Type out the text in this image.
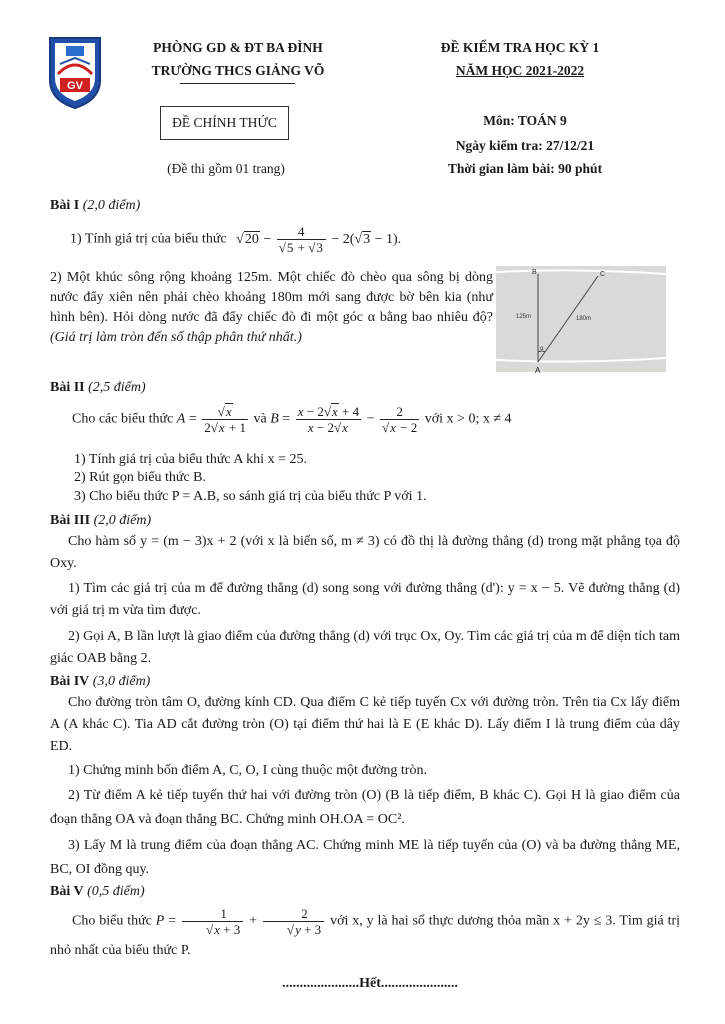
GV
PHÒNG GD & ĐT BA ĐÌNH
TRƯỜNG THCS GIẢNG VÕ
ĐỀ KIỂM TRA HỌC KỲ 1
NĂM HỌC 2021-2022
ĐỀ CHÍNH THỨC
(Đề thi gồm 01 trang)
Môn: TOÁN 9
Ngày kiểm tra: 27/12/21
Thời gian làm bài: 90 phút
Bài I (2,0 điểm)
1) Tính giá trị của biểu thức $√20 - \frac{4}{√5 + √3} - 2(√3 - 1)$.
2) Một khúc sông rộng khoảng 125m. Một chiếc đò chèo qua sông bị dòng nước đẩy xiên nên phải chèo khoảng 180m mới sang được bờ bên kia (như hình bên). Hỏi dòng nước đã đẩy chiếc đò đi một góc α bằng bao nhiêu độ? (Giá trị làm tròn đến số thập phân thứ nhất.)
B	C
125m	180m
α
A
Bài II (2,5 điểm)
Cho các biểu thức $A = \frac{√x}{2√x + 1}$ và $B = \frac{x - 2√x + 4}{x - 2√x} - \frac{2}{√x - 2}$ với x > 0; x ≠ 4
1) Tính giá trị của biểu thức A khi x = 25.
2) Rút gọn biểu thức B.
3) Cho biểu thức P = A.B, so sánh giá trị của biểu thức P với 1.
Bài III (2,0 điểm)
Cho hàm số y = (m − 3)x + 2 (với x là biến số, m ≠ 3) có đồ thị là đường thẳng (d) trong mặt phẳng tọa độ Oxy.
1) Tìm các giá trị của m để đường thẳng (d) song song với đường thẳng (d'): y = x − 5. Vẽ đường thẳng (d) với giá trị m vừa tìm được.
2) Gọi A, B lần lượt là giao điểm của đường thẳng (d) với trục Ox, Oy. Tìm các giá trị của m để diện tích tam giác OAB bằng 2.
Bài IV (3,0 điểm)
Cho đường tròn tâm O, đường kính CD. Qua điểm C kẻ tiếp tuyến Cx với đường tròn. Trên tia Cx lấy điểm A (A khác C). Tia AD cắt đường tròn (O) tại điểm thứ hai là E (E khác D). Lấy điểm I là trung điểm của dây ED.
1) Chứng minh bốn điểm A, C, O, I cùng thuộc một đường tròn.
2) Từ điểm A kẻ tiếp tuyến thứ hai với đường tròn (O) (B là tiếp điểm, B khác C). Gọi H là giao điểm của đoạn thẳng OA và đoạn thẳng BC. Chứng minh OH.OA = OC².
3) Lấy M là trung điểm của đoạn thẳng AC. Chứng minh ME là tiếp tuyến của (O) và ba đường thẳng ME, BC, OI đồng quy.
Bài V (0,5 điểm)
Cho biểu thức $P = \frac{1}{√x + 3} + \frac{2}{√y + 3}$ với x, y là hai số thực dương thỏa mãn x + 2y ≤ 3. Tìm giá trị nhỏ nhất của biểu thức P.
......................Hết......................
